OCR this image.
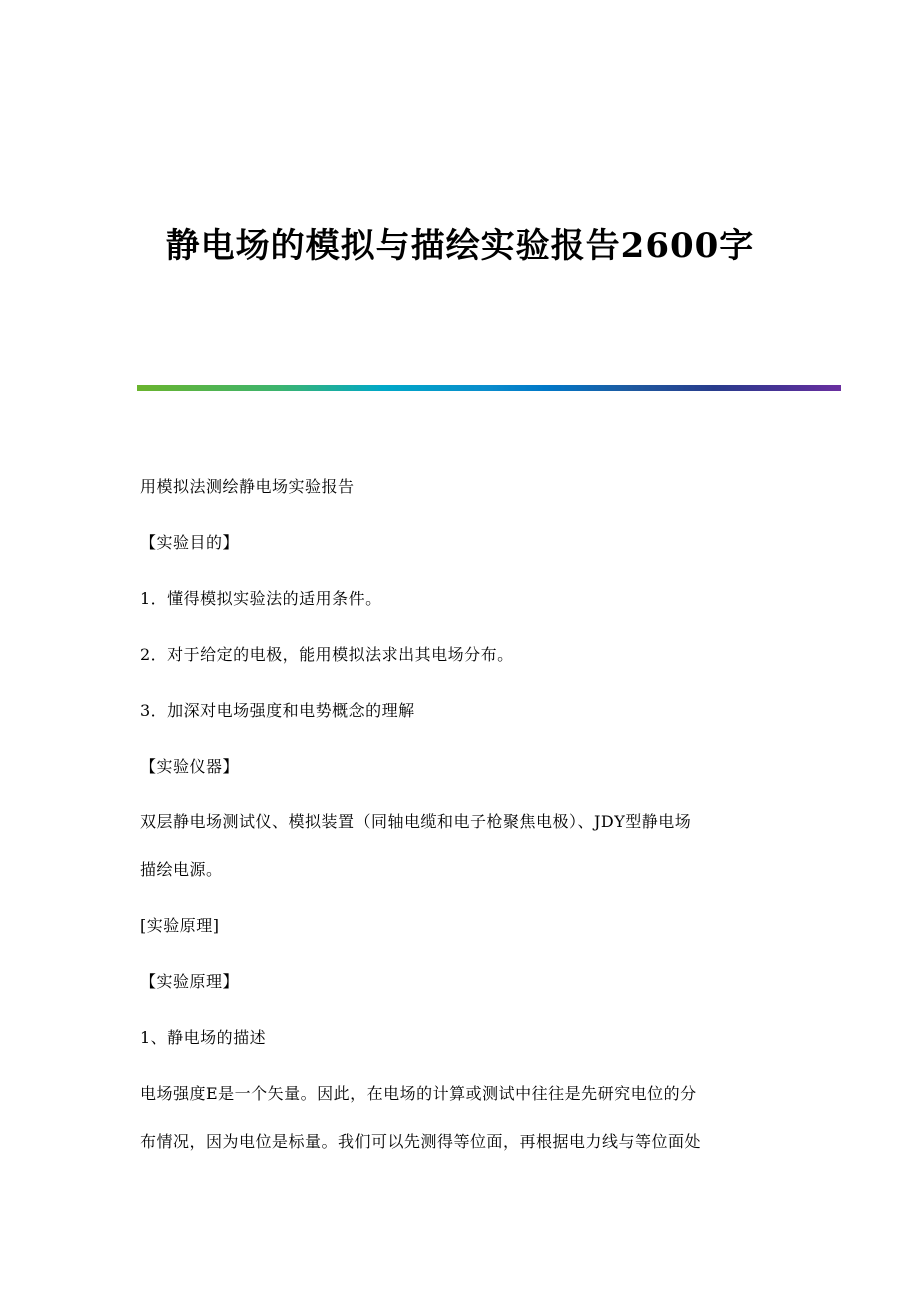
静电场的模拟与描绘实验报告2600字
用模拟法测绘静电场实验报告
【实验目的】
1．懂得模拟实验法的适用条件。
2．对于给定的电极，能用模拟法求出其电场分布。
3．加深对电场强度和电势概念的理解
【实验仪器】
双层静电场测试仪、模拟装置（同轴电缆和电子枪聚焦电极）、JDY型静电场
描绘电源。
[实验原理]
【实验原理】
1、静电场的描述
电场强度E是一个矢量。因此，在电场的计算或测试中往往是先研究电位的分
布情况，因为电位是标量。我们可以先测得等位面，再根据电力线与等位面处
